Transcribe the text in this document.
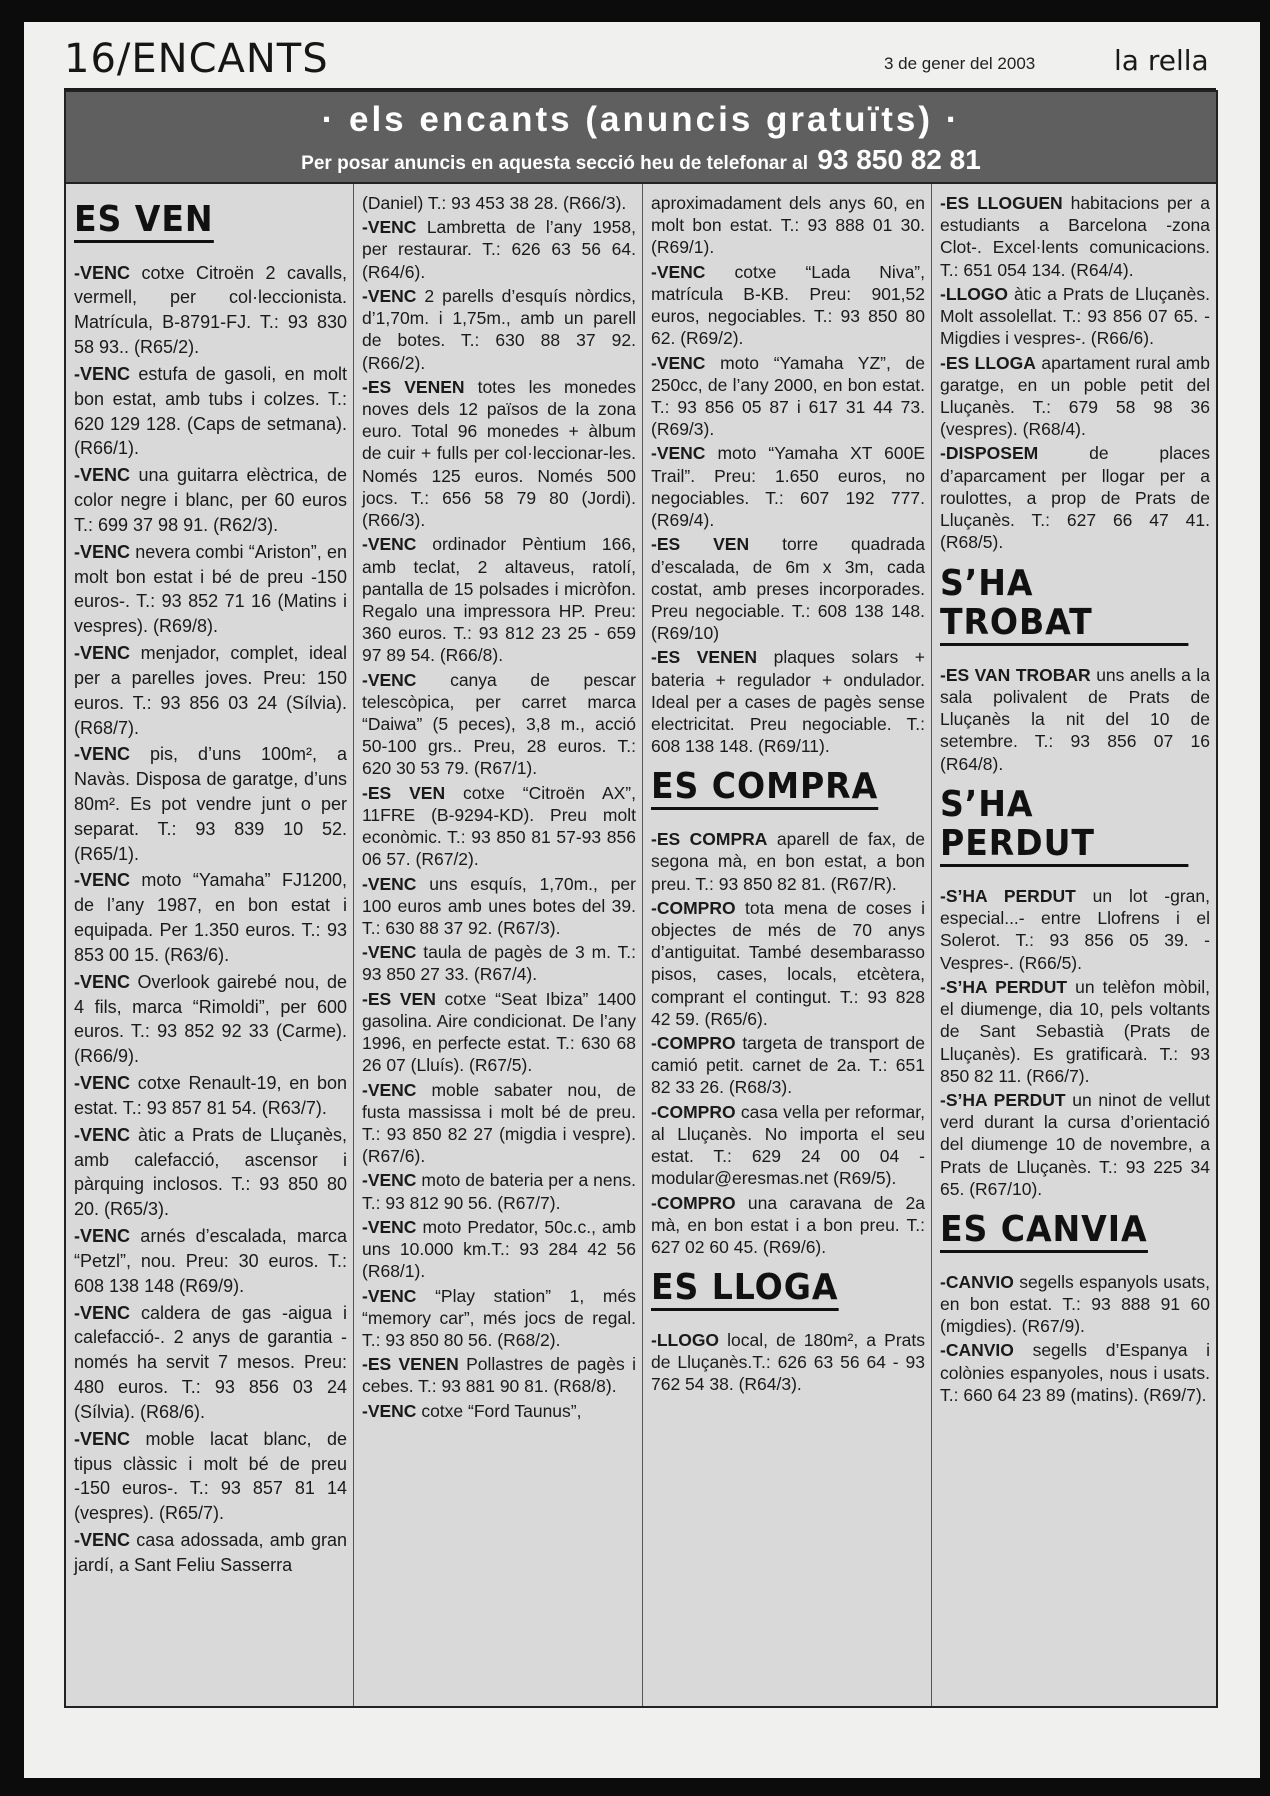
16/ENCANTS	3 de gener del 2003	la rella
· els encants (anuncis gratuïts) ·
Per posar anuncis en aquesta secció heu de telefonar al 93 850 82 81
ES VEN

-VENC cotxe Citroën 2 cavalls, vermell, per col·leccionista. Matrícula, B-8791-FJ. T.: 93 830 58 93.. (R65/2).

-VENC estufa de gasoli, en molt bon estat, amb tubs i colzes. T.: 620 129 128. (Caps de setmana). (R66/1).

-VENC una guitarra elèctrica, de color negre i blanc, per 60 euros T.: 699 37 98 91. (R62/3).

-VENC nevera combi “Ariston”, en molt bon estat i bé de preu -150 euros-. T.: 93 852 71 16 (Matins i vespres). (R69/8).

-VENC menjador, complet, ideal per a parelles joves. Preu: 150 euros. T.: 93 856 03 24 (Sílvia). (R68/7).

-VENC pis, d’uns 100m², a Navàs. Disposa de garatge, d’uns 80m². Es pot vendre junt o per separat. T.: 93 839 10 52. (R65/1).

-VENC moto “Yamaha” FJ1200, de l’any 1987, en bon estat i equipada. Per 1.350 euros. T.: 93 853 00 15. (R63/6).

-VENC Overlook gairebé nou, de 4 fils, marca “Rimoldi”, per 600 euros. T.: 93 852 92 33 (Carme).(R66/9).

-VENC cotxe Renault-19, en bon estat. T.: 93 857 81 54. (R63/7).

-VENC àtic a Prats de Lluçanès, amb calefacció, ascensor i pàrquing inclosos. T.: 93 850 80 20. (R65/3).

-VENC arnés d’escalada, marca “Petzl”, nou. Preu: 30 euros. T.: 608 138 148 (R69/9).

-VENC caldera de gas -aigua i calefacció-. 2 anys de garantia -només ha servit 7 mesos. Preu: 480 euros. T.: 93 856 03 24 (Sílvia). (R68/6).

-VENC moble lacat blanc, de tipus clàssic i molt bé de preu -150 euros-. T.: 93 857 81 14 (vespres). (R65/7).

-VENC casa adossada, amb gran jardí, a Sant Feliu Sasserra

(Daniel) T.: 93 453 38 28. (R66/3).

-VENC Lambretta de l’any 1958, per restaurar. T.: 626 63 56 64. (R64/6).

-VENC 2 parells d’esquís nòrdics, d’1,70m. i 1,75m., amb un parell de botes. T.: 630 88 37 92. (R66/2).

-ES VENEN totes les monedes noves dels 12 països de la zona euro. Total 96 monedes + àlbum de cuir + fulls per col·leccionar-les. Només 125 euros. Només 500 jocs. T.: 656 58 79 80 (Jordi). (R66/3).

-VENC ordinador Pèntium 166, amb teclat, 2 altaveus, ratolí, pantalla de 15 polsades i micròfon. Regalo una impressora HP. Preu: 360 euros. T.: 93 812 23 25 - 659 97 89 54. (R66/8).

-VENC canya de pescar telescòpica, per carret marca “Daiwa” (5 peces), 3,8 m., acció 50-100 grs.. Preu, 28 euros. T.: 620 30 53 79. (R67/1).

-ES VEN cotxe “Citroën AX”, 11FRE (B-9294-KD). Preu molt econòmic. T.: 93 850 81 57-93 856 06 57. (R67/2).

-VENC uns esquís, 1,70m., per 100 euros amb unes botes del 39. T.: 630 88 37 92. (R67/3).

-VENC taula de pagès de 3 m. T.: 93 850 27 33. (R67/4).

-ES VEN cotxe “Seat Ibiza” 1400 gasolina. Aire condicionat. De l’any 1996, en perfecte estat. T.: 630 68 26 07 (Lluís). (R67/5).

-VENC moble sabater nou, de fusta massissa i molt bé de preu. T.: 93 850 82 27 (migdia i vespre). (R67/6).

-VENC moto de bateria per a nens. T.: 93 812 90 56. (R67/7).

-VENC moto Predator, 50c.c., amb uns 10.000 km.T.: 93 284 42 56 (R68/1).

-VENC “Play station” 1, més “memory car”, més jocs de regal. T.: 93 850 80 56. (R68/2).

-ES VENEN Pollastres de pagès i cebes. T.: 93 881 90 81. (R68/8).

-VENC cotxe “Ford Taunus”,

aproximadament dels anys 60, en molt bon estat. T.: 93 888 01 30. (R69/1).

-VENC cotxe “Lada Niva”, matrícula B-KB. Preu: 901,52 euros, negociables. T.: 93 850 80 62. (R69/2).

-VENC moto “Yamaha YZ”, de 250cc, de l’any 2000, en bon estat. T.: 93 856 05 87 i 617 31 44 73. (R69/3).

-VENC moto “Yamaha XT 600E Trail”. Preu: 1.650 euros, no negociables. T.: 607 192 777. (R69/4).

-ES VEN torre quadrada d’escalada, de 6m x 3m, cada costat, amb preses incorporades. Preu negociable. T.: 608 138 148. (R69/10)

-ES VENEN plaques solars + bateria + regulador + ondulador. Ideal per a cases de pagès sense electricitat. Preu negociable. T.: 608 138 148. (R69/11).

ES COMPRA

-ES COMPRA aparell de fax, de segona mà, en bon estat, a bon preu. T.: 93 850 82 81. (R67/R).

-COMPRO tota mena de coses i objectes de més de 70 anys d’antiguitat. També desembarasso pisos, cases, locals, etcètera, comprant el contingut. T.: 93 828 42 59. (R65/6).

-COMPRO targeta de transport de camió petit. carnet de 2a. T.: 651 82 33 26. (R68/3).

-COMPRO casa vella per reformar, al Lluçanès. No importa el seu estat. T.: 629 24 00 04 - modular@eresmas.net (R69/5).

-COMPRO una caravana de 2a mà, en bon estat i a bon preu. T.: 627 02 60 45. (R69/6).

ES LLOGA

-LLOGO local, de 180m², a Prats de Lluçanès.T.: 626 63 56 64 - 93 762 54 38. (R64/3).

-ES LLOGUEN habitacions per a estudiants a Barcelona -zona Clot-. Excel·lents comunicacions. T.: 651 054 134. (R64/4).

-LLOGO àtic a Prats de Lluçanès. Molt assolellat. T.: 93 856 07 65. -Migdies i vespres-. (R66/6).

-ES LLOGA apartament rural amb garatge, en un poble petit del Lluçanès. T.: 679 58 98 36 (vespres). (R68/4).

-DISPOSEM de places d’aparcament per llogar per a roulottes, a prop de Prats de Lluçanès. T.: 627 66 47 41. (R68/5).

S’HA TROBAT

-ES VAN TROBAR uns anells a la sala polivalent de Prats de Lluçanès la nit del 10 de setembre. T.: 93 856 07 16 (R64/8).

S’HA PERDUT

-S’HA PERDUT un lot -gran, especial...- entre Llofrens i el Solerot. T.: 93 856 05 39. -Vespres-. (R66/5).

-S’HA PERDUT un telèfon mòbil, el diumenge, dia 10, pels voltants de Sant Sebastià (Prats de Lluçanès). Es gratificarà. T.: 93 850 82 11. (R66/7).

-S’HA PERDUT un ninot de vellut verd durant la cursa d’orientació del diumenge 10 de novembre, a Prats de Lluçanès. T.: 93 225 34 65. (R67/10).

ES CANVIA

-CANVIO segells espanyols usats, en bon estat. T.: 93 888 91 60 (migdies). (R67/9).

-CANVIO segells d’Espanya i colònies espanyoles, nous i usats. T.: 660 64 23 89 (matins). (R69/7).
